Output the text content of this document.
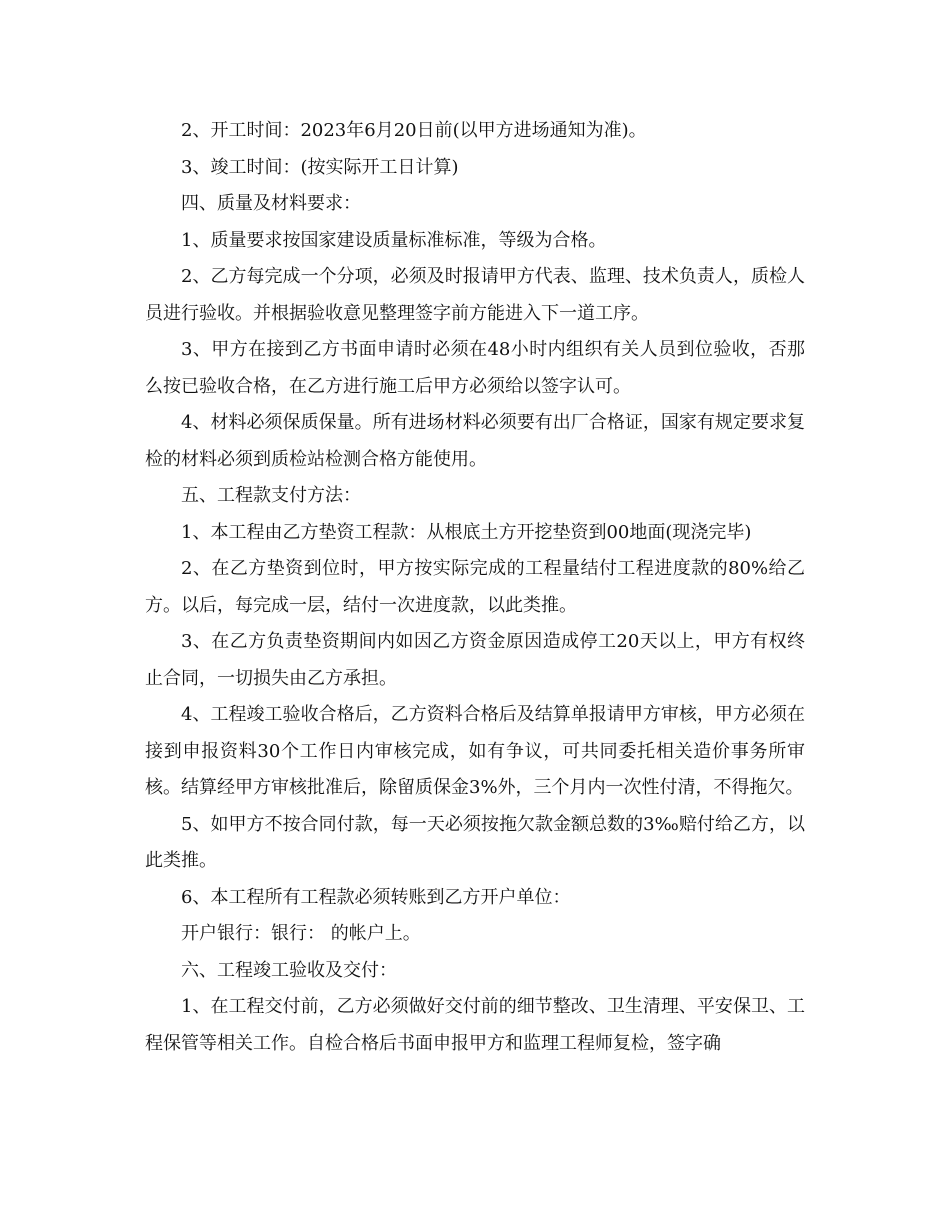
2、开工时间：2023年6月20日前(以甲方进场通知为准)。

3、竣工时间：(按实际开工日计算)

四、质量及材料要求：

1、质量要求按国家建设质量标准标准，等级为合格。

2、乙方每完成一个分项，必须及时报请甲方代表、监理、技术负责人，质检人员进行验收。并根据验收意见整理签字前方能进入下一道工序。

3、甲方在接到乙方书面申请时必须在48小时内组织有关人员到位验收，否那么按已验收合格，在乙方进行施工后甲方必须给以签字认可。

4、材料必须保质保量。所有进场材料必须要有出厂合格证，国家有规定要求复检的材料必须到质检站检测合格方能使用。

五、工程款支付方法：

1、本工程由乙方垫资工程款：从根底土方开挖垫资到00地面(现浇完毕)

2、在乙方垫资到位时，甲方按实际完成的工程量结付工程进度款的80%给乙方。以后，每完成一层，结付一次进度款，以此类推。

3、在乙方负责垫资期间内如因乙方资金原因造成停工20天以上，甲方有权终止合同，一切损失由乙方承担。

4、工程竣工验收合格后，乙方资料合格后及结算单报请甲方审核，甲方必须在接到申报资料30个工作日内审核完成，如有争议，可共同委托相关造价事务所审核。结算经甲方审核批准后，除留质保金3%外，三个月内一次性付清，不得拖欠。

5、如甲方不按合同付款，每一天必须按拖欠款金额总数的3‰赔付给乙方，以此类推。

6、本工程所有工程款必须转账到乙方开户单位：

开户银行：银行： 的帐户上。

六、工程竣工验收及交付：

1、在工程交付前，乙方必须做好交付前的细节整改、卫生清理、平安保卫、工程保管等相关工作。自检合格后书面申报甲方和监理工程师复检，签字确
